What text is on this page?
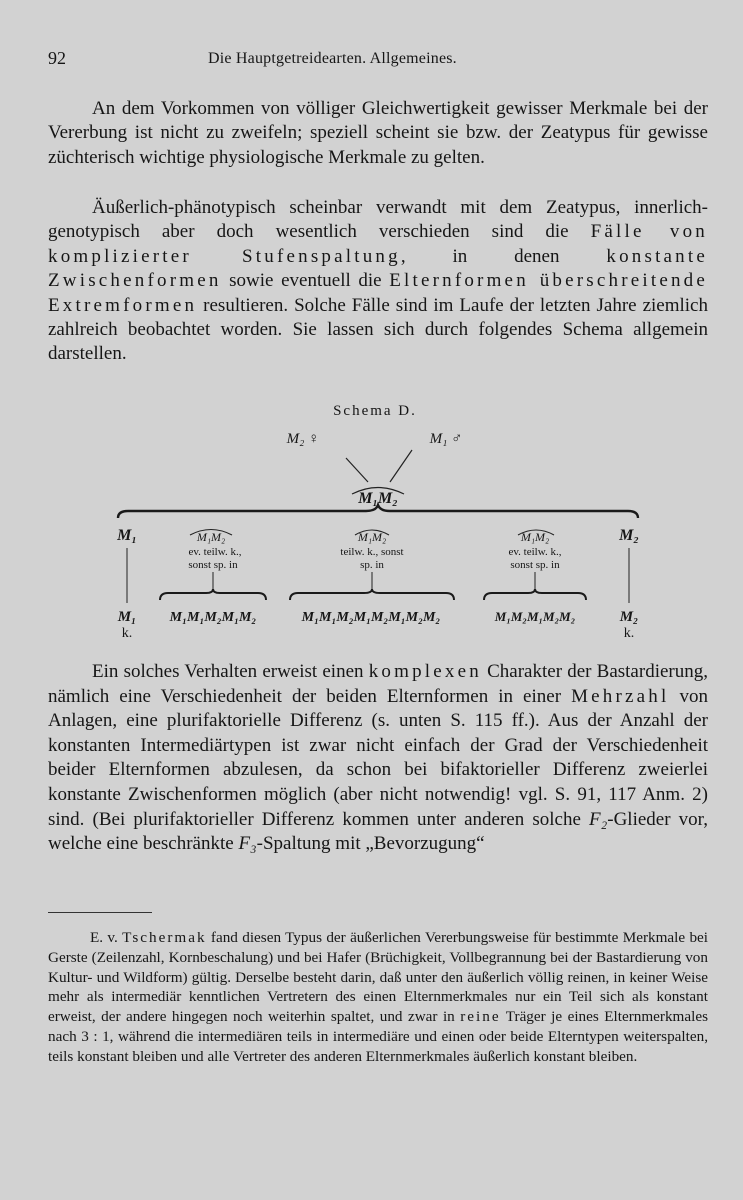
92	Die Hauptgetreidearten. Allgemeines.

An dem Vorkommen von völliger Gleichwertigkeit gewisser Merkmale bei der Vererbung ist nicht zu zweifeln; speziell scheint sie bzw. der Zeatypus für gewisse züchterisch wichtige physiologische Merkmale zu gelten.

Äußerlich-phänotypisch scheinbar verwandt mit dem Zeatypus, innerlich-genotypisch aber doch wesentlich verschieden sind die Fälle von komplizierter Stufenspaltung, in denen konstante Zwischenformen sowie eventuell die Elternformen überschreitende Extremformen resultieren. Solche Fälle sind im Laufe der letzten Jahre ziemlich zahlreich beobachtet worden. Sie lassen sich durch folgendes Schema allgemein darstellen.

Schema D.
M₂ ♀	M₁ ♂
M₁M₂
M₁	M₂
M₁M₂
ev. teilw. k.,
sonst sp. in
M₁M₂
teilw. k., sonst
sp. in
M₁M₂
ev. teilw. k.,
sonst sp. in
M₁
k.
M₁M₁M₂M₁M₂	M₁M₁M₂M₁M₂M₁M₂M₂	M₁M₂M₁M₂M₂	M₂
k.

Ein solches Verhalten erweist einen komplexen Charakter der Bastardierung, nämlich eine Verschiedenheit der beiden Elternformen in einer Mehrzahl von Anlagen, eine plurifaktorielle Differenz (s. unten S. 115 ff.). Aus der Anzahl der konstanten Intermediärtypen ist zwar nicht einfach der Grad der Verschiedenheit beider Elternformen abzulesen, da schon bei bifaktorieller Differenz zweierlei konstante Zwischenformen möglich (aber nicht notwendig! vgl. S. 91, 117 Anm. 2) sind. (Bei plurifaktorieller Differenz kommen unter anderen solche F₂-Glieder vor, welche eine beschränkte F₃-Spaltung mit „Bevorzugung“

E. v. Tschermak fand diesen Typus der äußerlichen Vererbungsweise für bestimmte Merkmale bei Gerste (Zeilenzahl, Kornbeschalung) und bei Hafer (Brüchigkeit, Vollbegrannung bei der Bastardierung von Kultur- und Wildform) gültig. Derselbe besteht darin, daß unter den äußerlich völlig reinen, in keiner Weise mehr als intermediär kenntlichen Vertretern des einen Elternmerkmales nur ein Teil sich als konstant erweist, der andere hingegen noch weiterhin spaltet, und zwar in reine Träger je eines Elternmerkmales nach 3 : 1, während die intermediären teils in intermediäre und einen oder beide Elterntypen weiterspalten, teils konstant bleiben und alle Vertreter des anderen Elternmerkmales äußerlich konstant bleiben.
